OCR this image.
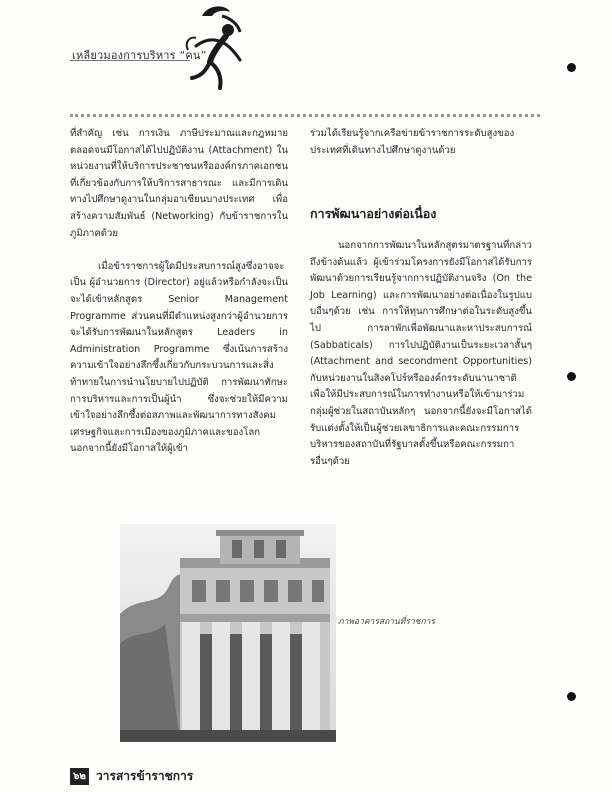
เหลียวมองการบริหาร “คน”

ที่สำคัญ เช่น การเงิน ภาษีประมาณและกฎหมาย ตลอดจนมีโอกาสได้ไปปฏิบัติงาน (Attachment) ในหน่วยงานที่ให้บริการประชาชนหรือองค์กรภาคเอกชนที่เกี่ยวข้องกับการให้บริการสาธารณะ และมีการเดินทางไปศึกษาดูงานในกลุ่มอาเซียนบางประเทศ เพื่อสร้างความสัมพันธ์ (Networking) กับข้าราชการในภูมิภาคด้วย

เมื่อข้าราชการผู้ใดมีประสบการณ์สูงซึ่งอาจจะเป็น ผู้อำนวยการ (Director) อยู่แล้วหรือกำลังจะเป็น จะได้เข้าหลักสูตร Senior Management Programme ส่วนคนที่มีตำแหน่งสูงกว่าผู้อำนวยการจะได้รับการพัฒนาในหลักสูตร Leaders in Administration Programme ซึ่งเน้นการสร้างความเข้าใจอย่างลึกซึ้งเกี่ยวกับกระบวนการและสิ่งท้าทายในการนำนโยบายไปปฏิบัติ การพัฒนาทักษะการบริหารและการเป็นผู้นำ ซึ่งจะช่วยให้มีความเข้าใจอย่างลึกซึ้งต่อสภาพและพัฒนาการทางสังคม เศรษฐกิจและการเมืองของภูมิภาคและของโลก นอกจากนี้ยังมีโอกาสให้ผู้เข้า

ร่วมได้เรียนรู้จากเครือข่ายข้าราชการระดับสูงของประเทศที่เดินทางไปศึกษาดูงานด้วย

การพัฒนาอย่างต่อเนื่อง

นอกจากการพัฒนาในหลักสูตรมาตรฐานที่กล่าวถึงข้างต้นแล้ว ผู้เข้าร่วมโครงการยังมีโอกาสได้รับการพัฒนาด้วยการเรียนรู้จากการปฏิบัติงานจริง (On the Job Learning) และการพัฒนาอย่างต่อเนื่องในรูปแบบอื่นๆด้วย เช่น การให้ทุนการศึกษาต่อในระดับสูงขึ้นไป การลาพักเพื่อพัฒนาและหาประสบการณ์ (Sabbaticals) การไปปฏิบัติงานเป็นระยะเวลาสั้นๆ (Attachment and secondment Opportunities) กับหน่วยงานในสิงคโปร์หรือองค์กรระดับนานาชาติเพื่อให้มีประสบการณ์ในการทำงานหรือให้เข้ามาร่วมกลุ่มผู้ช่วยในสถาบันหลักๆ นอกจากนี้ยังจะมีโอกาสได้รับแต่งตั้งให้เป็นผู้ช่วยเลขาธิการและคณะกรรมการบริหารของสถาบันที่รัฐบาลตั้งขึ้นหรือคณะกรรมการอื่นๆด้วย

ภาพอาคารสถานที่ราชการ
๖๒ วารสารข้าราชการ
